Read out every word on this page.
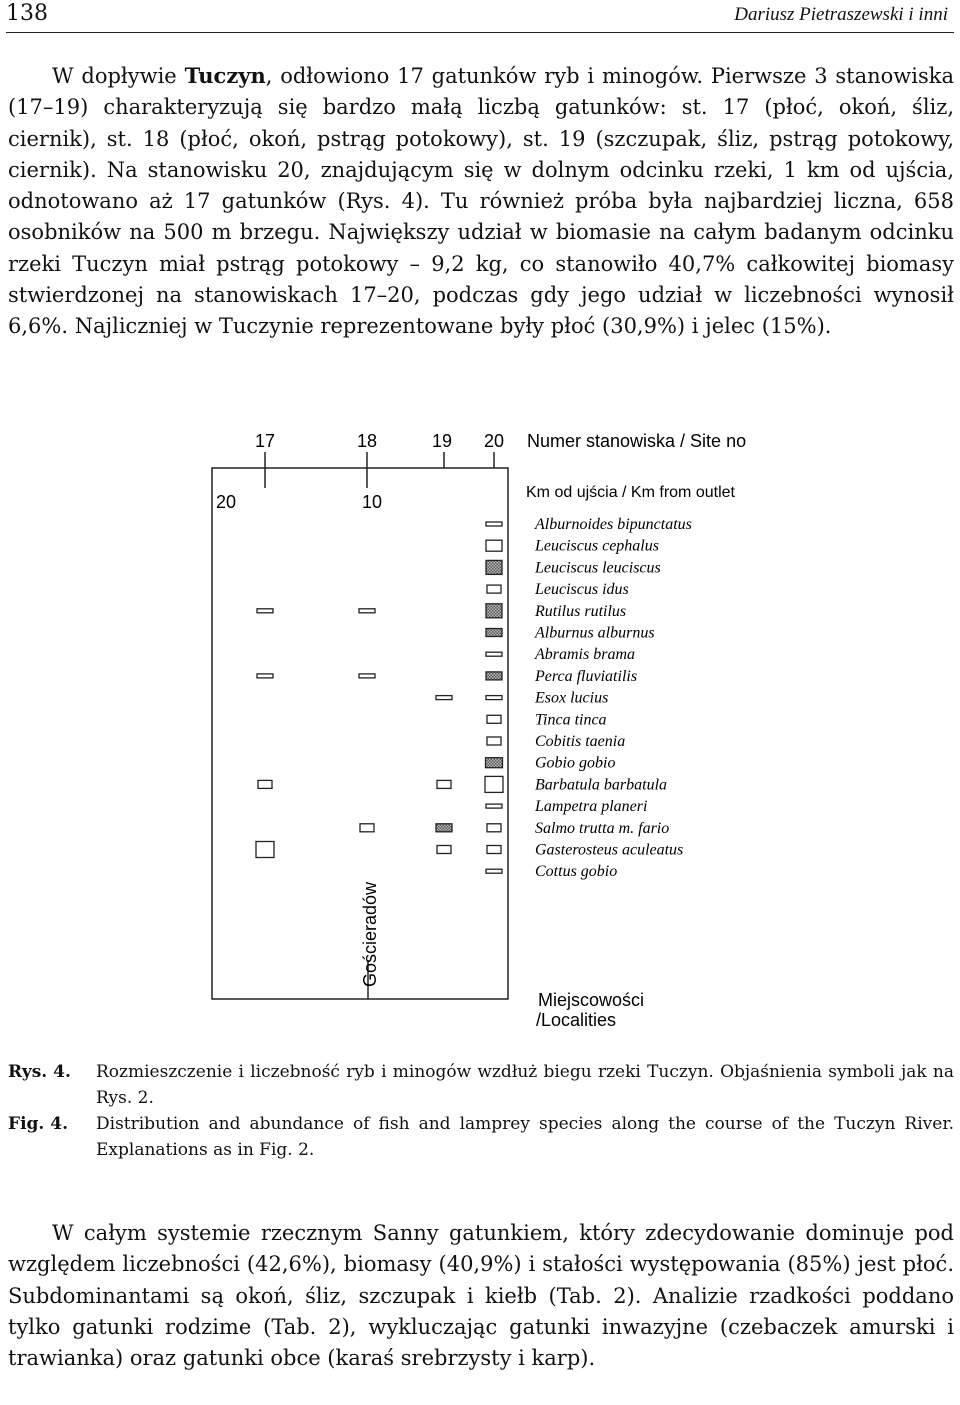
138	Dariusz Pietraszewski i inni

W dopływie Tuczyn, odłowiono 17 gatunków ryb i minogów. Pierwsze 3 stanowiska (17–19) charakteryzują się bardzo małą liczbą gatunków: st. 17 (płoć, okoń, śliz, ciernik), st. 18 (płoć, okoń, pstrąg potokowy), st. 19 (szczupak, śliz, pstrąg potokowy, ciernik). Na stanowisku 20, znajdującym się w dolnym odcinku rzeki, 1 km od ujścia, odnotowano aż 17 gatunków (Rys. 4). Tu również próba była najbardziej liczna, 658 osobników na 500 m brzegu. Największy udział w biomasie na całym badanym odcinku rzeki Tuczyn miał pstrąg potokowy – 9,2 kg, co stanowiło 40,7% całkowitej biomasy stwierdzonej na stanowiskach 17–20, podczas gdy jego udział w liczebności wynosił 6,6%. Najliczniej w Tuczynie reprezentowane były płoć (30,9%) i jelec (15%).

Numer stanowiska / Site no
Km od ujścia / Km from outlet
Miejscowości
/Localities
17	18	19 20
20	10
Alburnoides bipunctatus
Leuciscus cephalus
Leuciscus leuciscus
Leuciscus idus
Rutilus rutilus
Alburnus alburnus
Abramis brama
Perca fluviatilis
Esox lucius
Tinca tinca
Cobitis taenia
Gobio gobio
Barbatula barbatula
Lampetra planeri
Salmo trutta m. fario
Gasterosteus aculeatus
Cottus gobio
Gościeradów
Rys. 4. Rozmieszczenie i liczebność ryb i minogów wzdłuż biegu rzeki Tuczyn. Objaśnienia symboli jak na Rys. 2.
Fig. 4. Distribution and abundance of fish and lamprey species along the course of the Tuczyn River. Explanations as in Fig. 2.

W całym systemie rzecznym Sanny gatunkiem, który zdecydowanie dominuje pod względem liczebności (42,6%), biomasy (40,9%) i stałości występowania (85%) jest płoć. Subdominantami są okoń, śliz, szczupak i kiełb (Tab. 2). Analizie rzadkości poddano tylko gatunki rodzime (Tab. 2), wykluczając gatunki inwazyjne (czebaczek amurski i trawianka) oraz gatunki obce (karaś srebrzysty i karp).
